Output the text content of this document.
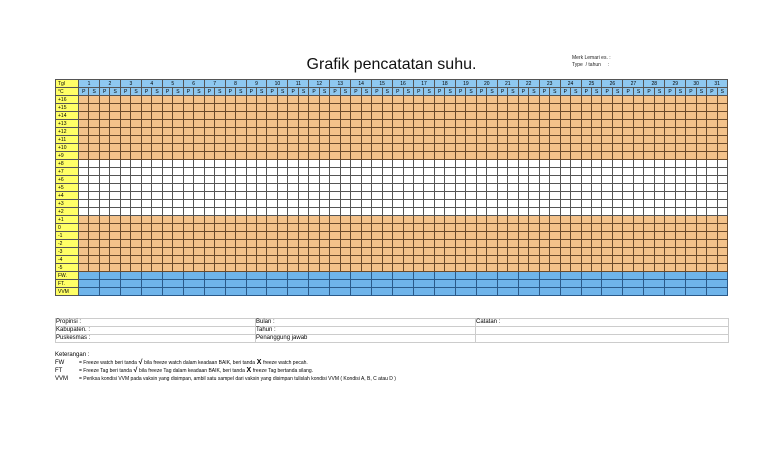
Grafik pencatatan suhu.	Merk Lemari es. :
Type  / tahun     :
Tgl	1		2		3		4		5		6		7		8		9		10		11		12		13		14		15		16		17		18		19		20		21		22		23		24		25		26		27		28		29		30		31	
°C	P	S	P	S	P	S	P	S	P	S	P	S	P	S	P	S	P	S	P	S	P	S	P	S	P	S	P	S	P	S	P	S	P	S	P	S	P	S	P	S	P	S	P	S	P	S	P	S	P	S	P	S	P	S	P	S	P	S	P	S	P	S
+16																																																														
+15																																																														
+14																																																														
+13																																																														
+12																																																														
+11																																																														
+10																																																														
+9																																																														
+8																																																														
+7																																																														
+6																																																														
+5																																																														
+4																																																														
+3																																																														
+2																																																														
+1																																																														
0																																																														
-1																																																														
-2																																																														
-3																																																														
-4																																																														
-5																																																														
FW.																																																														
FT.																																																														
VVM																																																														
Propinsi :	Bulan :	Catatan :
Kabupaten. :	Tahun :	
Puskesmas :	Penanggung jawab	
Keterangan :
FW	= Freeze watch beri tanda
√
bila freeze watch dalam keadaan BAIK, beri tanda
X
freeze watch pecah.
FT	= Freeze Tag beri tanda
√
bila freeze Tag dalam keadaan BAIK, beri tanda
X
freeze Tag bertanda silang.
VVM	= Periksa kondisi VVM pada vaksin yang disimpan, ambil satu sampel dari vaksin yang disimpan tulislah kondisi VVM ( Kondisi A, B, C atau D )
